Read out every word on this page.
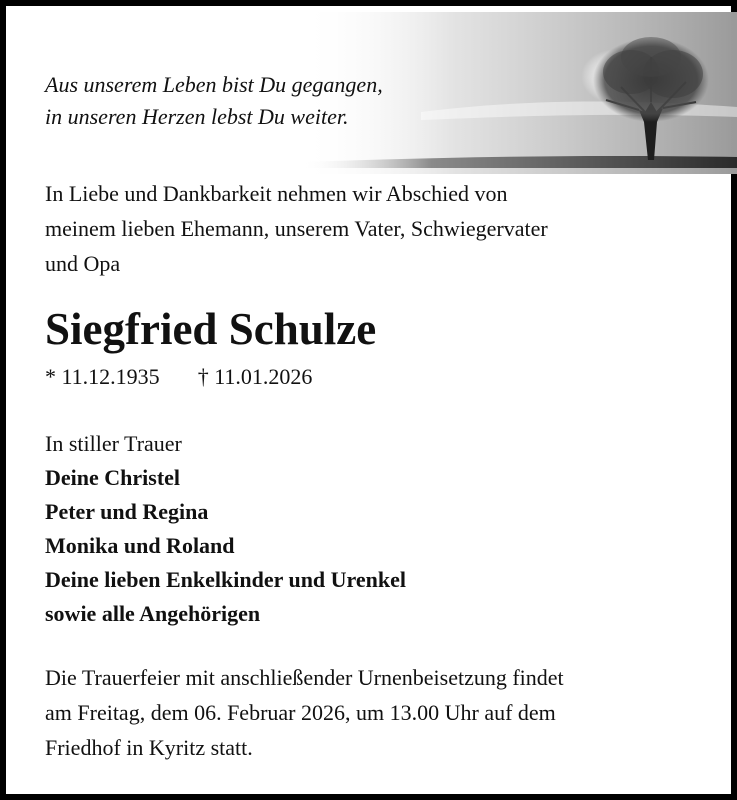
Aus unserem Leben bist Du gegangen,
in unseren Herzen lebst Du weiter.
In Liebe und Dankbarkeit nehmen wir Abschied von
meinem lieben Ehemann, unserem Vater, Schwiegervater
und Opa
Siegfried Schulze
* 11.12.1935 † 11.01.2026
In stiller Trauer
Deine Christel
Peter und Regina
Monika und Roland
Deine lieben Enkelkinder und Urenkel
sowie alle Angehörigen
Die Trauerfeier mit anschließender Urnenbeisetzung findet
am Freitag, dem 06. Februar 2026, um 13.00 Uhr auf dem
Friedhof in Kyritz statt.
